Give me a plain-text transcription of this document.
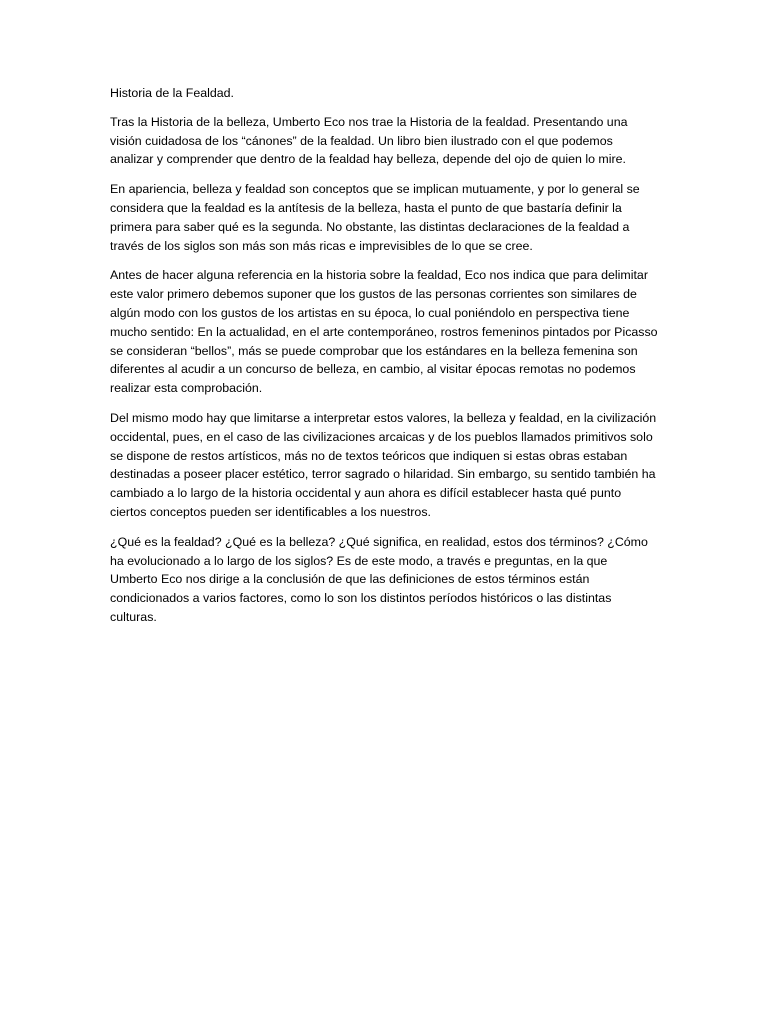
Historia de la Fealdad.

Tras la Historia de la belleza, Umberto Eco nos trae la Historia de la fealdad. Presentando una visión cuidadosa de los “cánones” de la fealdad. Un libro bien ilustrado con el que podemos analizar y comprender que dentro de la fealdad hay belleza, depende del ojo de quien lo mire.

En apariencia, belleza y fealdad son conceptos que se implican mutuamente, y por lo general se considera que la fealdad es la antítesis de la belleza, hasta el punto de que bastaría definir la primera para saber qué es la segunda. No obstante, las distintas declaraciones de la fealdad a través de los siglos son más son más ricas e imprevisibles de lo que se cree.

Antes de hacer alguna referencia en la historia sobre la fealdad, Eco nos indica que para delimitar este valor primero debemos suponer que los gustos de las personas corrientes son similares de algún modo con los gustos de los artistas en su época, lo cual poniéndolo en perspectiva tiene mucho sentido: En la actualidad, en el arte contemporáneo, rostros femeninos pintados por Picasso se consideran “bellos”, más se puede comprobar que los estándares en la belleza femenina son diferentes al acudir a un concurso de belleza, en cambio, al visitar épocas remotas no podemos realizar esta comprobación.

Del mismo modo hay que limitarse a interpretar estos valores, la belleza y fealdad, en la civilización occidental, pues, en el caso de las civilizaciones arcaicas y de los pueblos llamados primitivos solo se dispone de restos artísticos, más no de textos teóricos que indiquen si estas obras estaban destinadas a poseer placer estético, terror sagrado o hilaridad. Sin embargo, su sentido también ha cambiado a lo largo de la historia occidental y aun ahora es difícil establecer hasta qué punto ciertos conceptos pueden ser identificables a los nuestros.

¿Qué es la fealdad? ¿Qué es la belleza? ¿Qué significa, en realidad, estos dos términos? ¿Cómo ha evolucionado a lo largo de los siglos? Es de este modo, a través e preguntas, en la que Umberto Eco nos dirige a la conclusión de que las definiciones de estos términos están condicionados a varios factores, como lo son los distintos períodos históricos o las distintas culturas.
